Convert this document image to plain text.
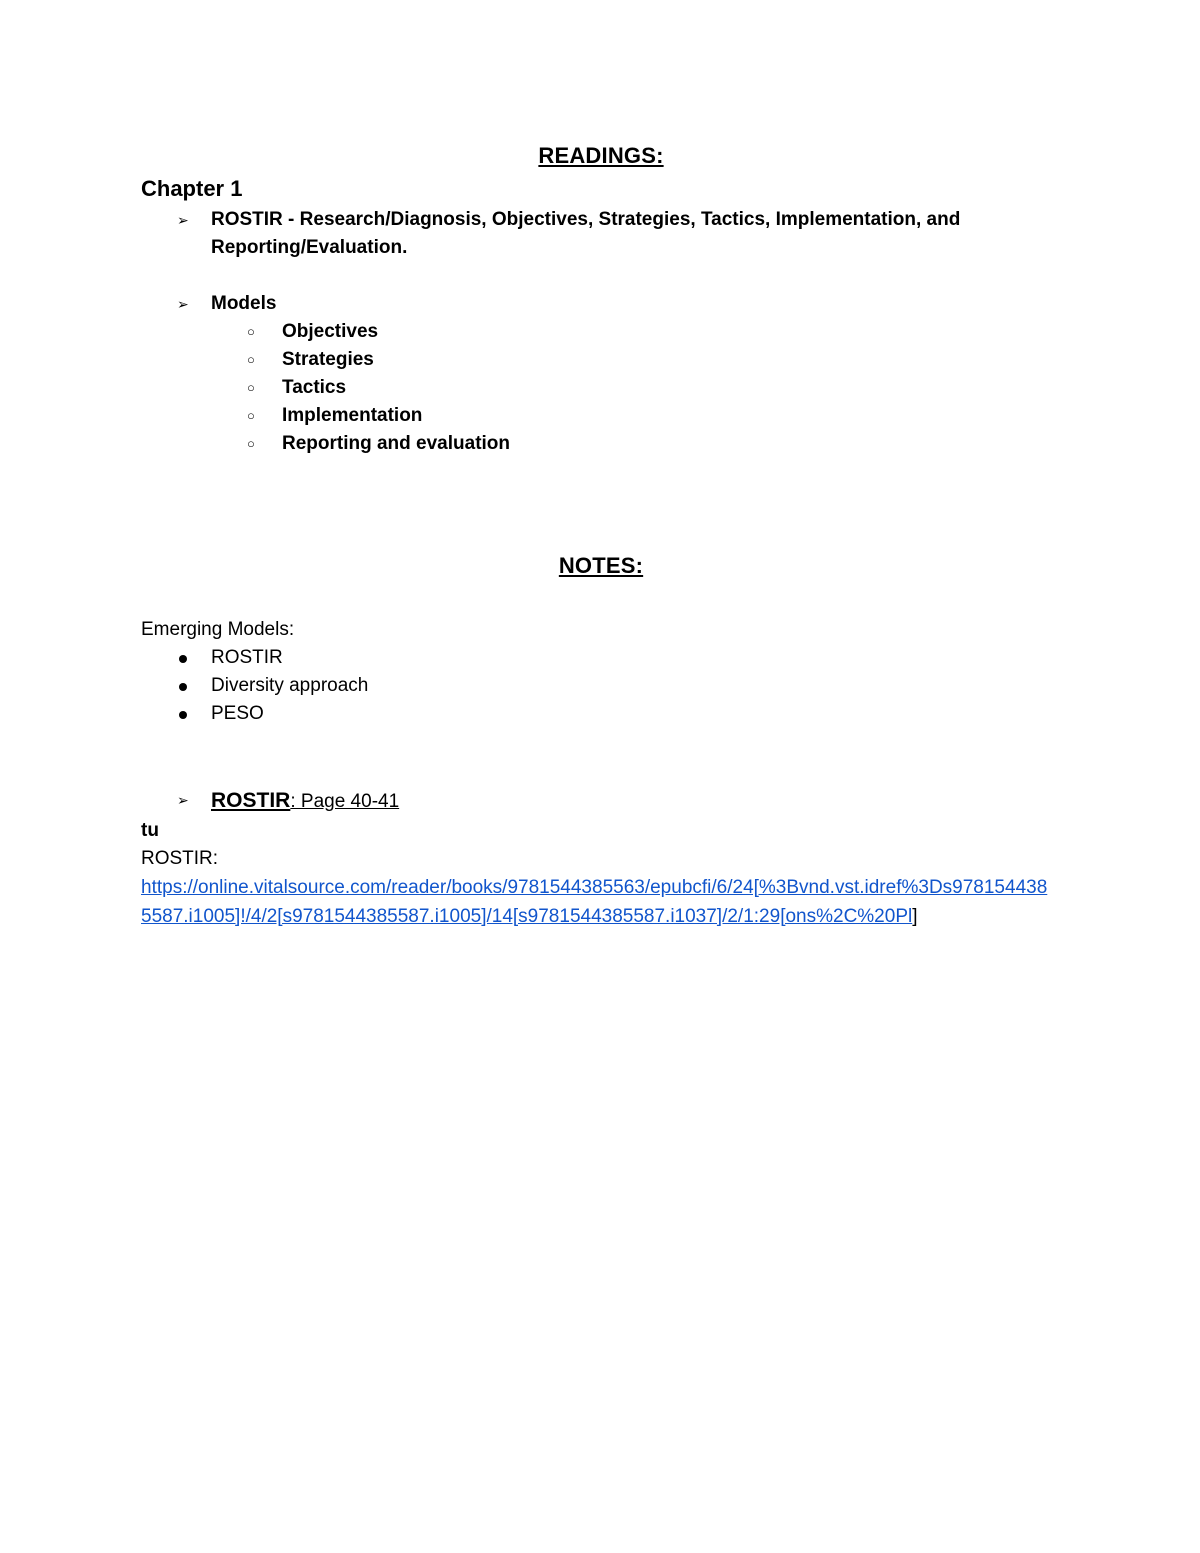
READINGS:

Chapter 1

➢ ROSTIR - Research/Diagnosis, Objectives, Strategies, Tactics, Implementation, and Reporting/Evaluation.
➢ Models
○ Objectives
○ Strategies
○ Tactics
○ Implementation
○ Reporting and evaluation

NOTES:

Emerging Models:
ROSTIR
Diversity approach
PESO
➢ ROSTIR: Page 40-41
tu
ROSTIR:
https://online.vitalsource.com/reader/books/9781544385563/epubcfi/6/24[%3Bvnd.vst.idref%3Ds9781544385587.i1005]!/4/2[s9781544385587.i1005]/14[s9781544385587.i1037]/2/1:29[ons%2C%20Pl]
